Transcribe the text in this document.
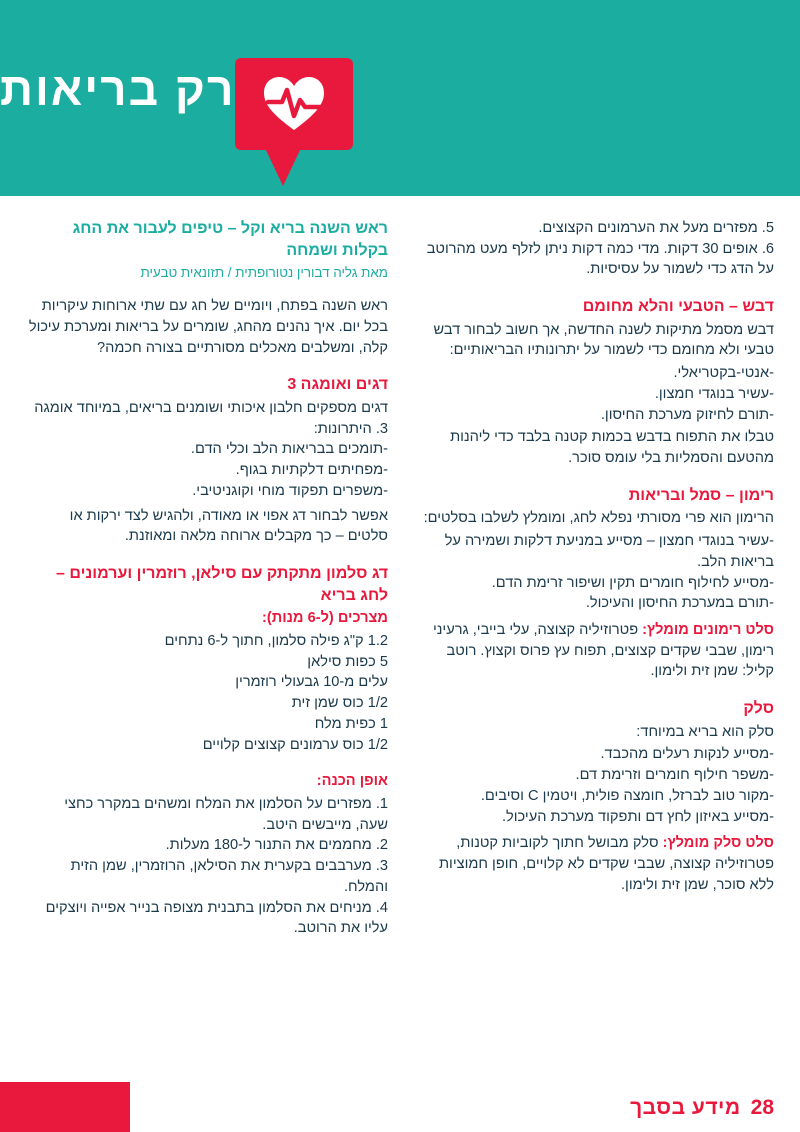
רק בריאות

5. מפזרים מעל את הערמונים הקצוצים.

6. אופים 30 דקות. מדי כמה דקות ניתן לזלף מעט מהרוטב על הדג כדי לשמור על עסיסיות.

דבש – הטבעי והלא מחומם

דבש מסמל מתיקות לשנה החדשה, אך חשוב לבחור דבש טבעי ולא מחומם כדי לשמור על יתרונותיו הבריאותיים:

-אנטי-בקטריאלי.

-עשיר בנוגדי חמצון.

-תורם לחיזוק מערכת החיסון.

טבלו את התפוח בדבש בכמות קטנה בלבד כדי ליהנות מהטעם והסמליות בלי עומס סוכר.

רימון – סמל ובריאות

הרימון הוא פרי מסורתי נפלא לחג, ומומלץ לשלבו בסלטים:

-עשיר בנוגדי חמצון – מסייע במניעת דלקות ושמירה על בריאות הלב.

-מסייע לחילוף חומרים תקין ושיפור זרימת הדם.

-תורם במערכת החיסון והעיכול.

סלט רימונים מומלץ: פטרוזיליה קצוצה, עלי בייבי, גרעיני רימון, שבבי שקדים קצוצים, תפוח עץ פרוס וקצוץ. רוטב קליל: שמן זית ולימון.

סלק

סלק הוא בריא במיוחד:

-מסייע לנקות רעלים מהכבד.

-משפר חילוף חומרים וזרימת דם.

-מקור טוב לברזל, חומצה פולית, ויטמין C וסיבים.

-מסייע באיזון לחץ דם ותפקוד מערכת העיכול.

סלט סלק מומלץ: סלק מבושל חתוך לקוביות קטנות, פטרוזיליה קצוצה, שבבי שקדים לא קלויים, חופן חמוציות ללא סוכר, שמן זית ולימון.

ראש השנה בריא וקל – טיפים לעבור את החג בקלות ושמחה

מאת גליה דבורין נטורופתית / תזונאית טבעית

ראש השנה בפתח, ויומיים של חג עם שתי ארוחות עיקריות בכל יום. איך נהנים מהחג, שומרים על בריאות ומערכת עיכול קלה, ומשלבים מאכלים מסורתיים בצורה חכמה?

דגים ואומגה 3

דגים מספקים חלבון איכותי ושומנים בריאים, במיוחד אומגה 3. היתרונות:

-תומכים בבריאות הלב וכלי הדם.

-מפחיתים דלקתיות בגוף.

-משפרים תפקוד מוחי וקוגניטיבי.

אפשר לבחור דג אפוי או מאודה, ולהגיש לצד ירקות או סלטים – כך מקבלים ארוחה מלאה ומאוזנת.

דג סלמון מתקתק עם סילאן, רוזמרין וערמונים – לחג בריא

מצרכים (ל-6 מנות):

1.2 ק"ג פילה סלמון, חתוך ל-6 נתחים

5 כפות סילאן

עלים מ-10 גבעולי רוזמרין

1/2 כוס שמן זית

1 כפית מלח

1/2 כוס ערמונים קצוצים קלויים

אופן הכנה:

1. מפזרים על הסלמון את המלח ומשהים במקרר כחצי שעה, מייבשים היטב.

2. מחממים את התנור ל-180 מעלות.

3. מערבבים בקערית את הסילאן, הרוזמרין, שמן הזית והמלח.

4. מניחים את הסלמון בתבנית מצופה בנייר אפייה ויוצקים עליו את הרוטב.

28
מידע בסבך
